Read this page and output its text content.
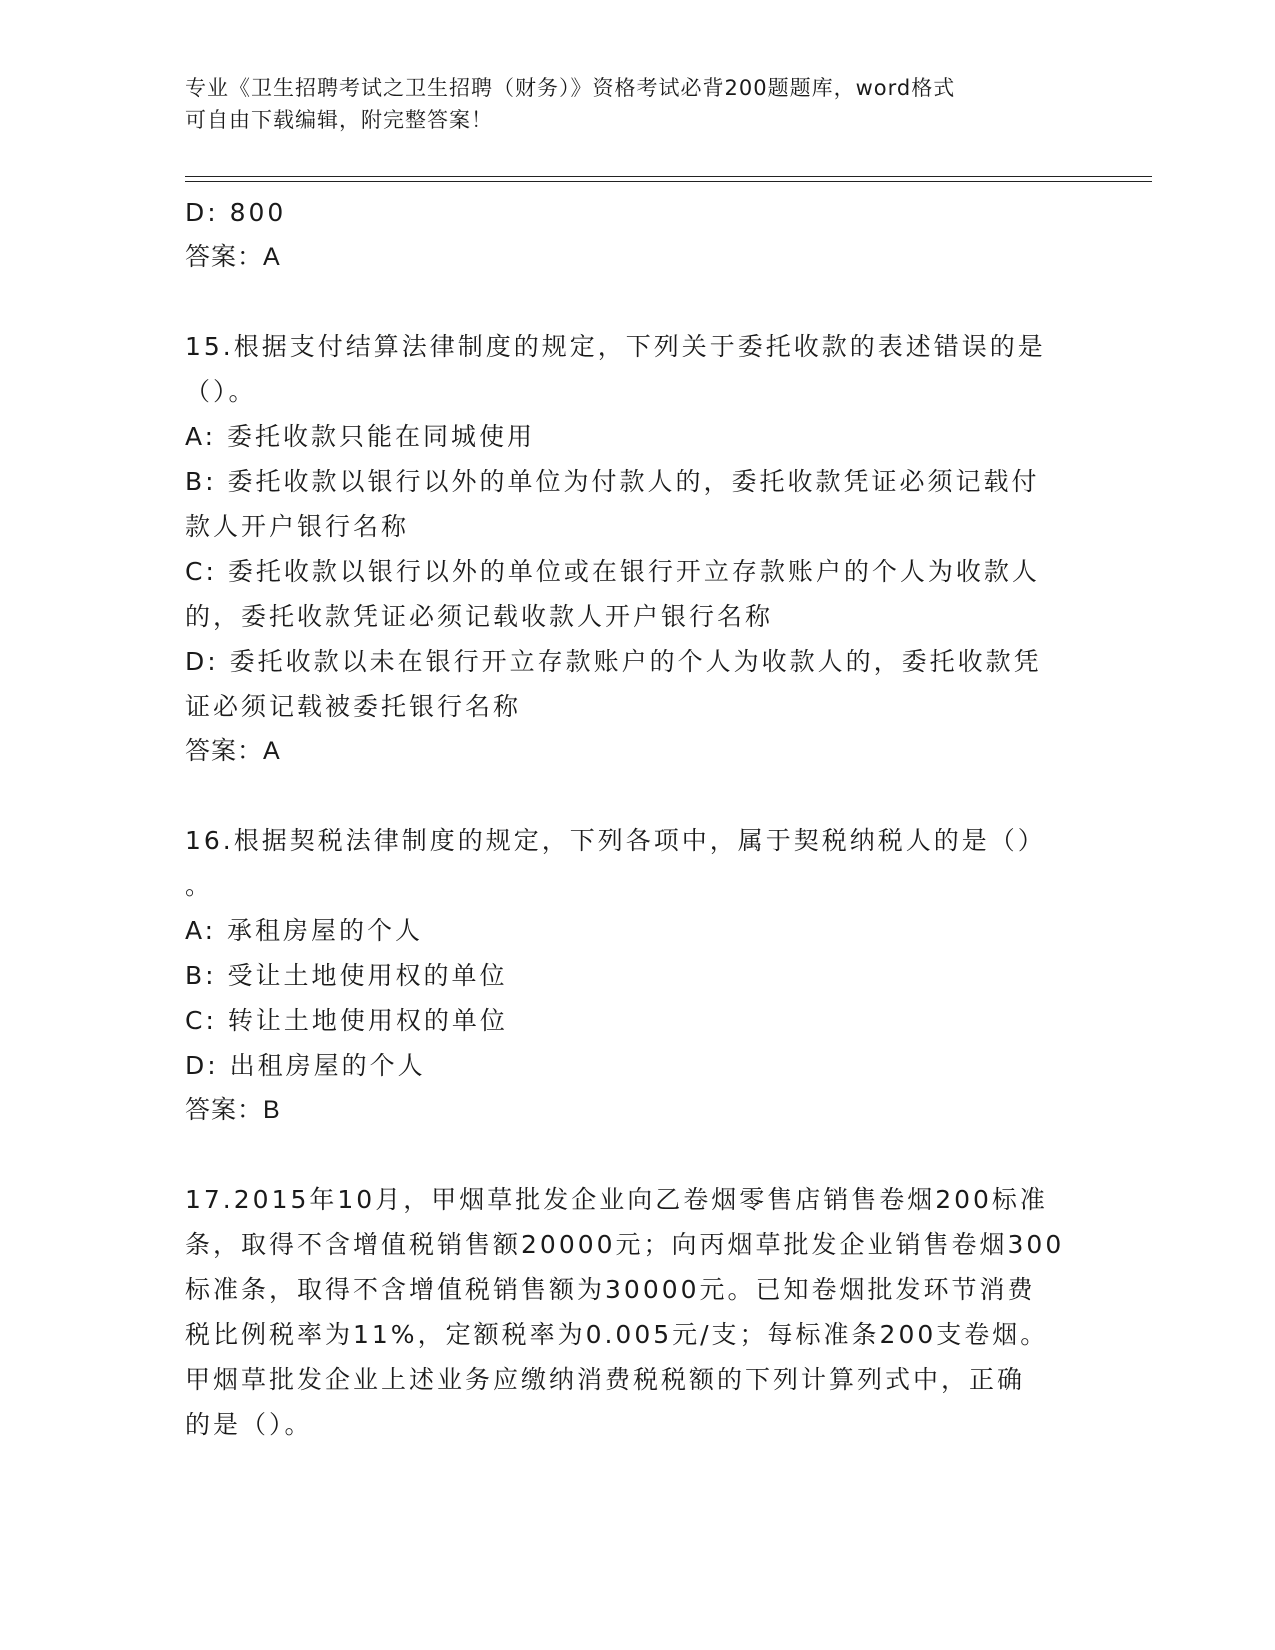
专业《卫生招聘考试之卫生招聘（财务）》资格考试必背200题题库，word格式
可自由下载编辑，附完整答案！
D: 800
答案：A
15.根据支付结算法律制度的规定，下列关于委托收款的表述错误的是
（）。
A: 委托收款只能在同城使用
B: 委托收款以银行以外的单位为付款人的，委托收款凭证必须记载付
款人开户银行名称
C: 委托收款以银行以外的单位或在银行开立存款账户的个人为收款人
的，委托收款凭证必须记载收款人开户银行名称
D: 委托收款以未在银行开立存款账户的个人为收款人的，委托收款凭
证必须记载被委托银行名称
答案：A
16.根据契税法律制度的规定，下列各项中，属于契税纳税人的是（）
。
A: 承租房屋的个人
B: 受让土地使用权的单位
C: 转让土地使用权的单位
D: 出租房屋的个人
答案：B
17.2015年10月，甲烟草批发企业向乙卷烟零售店销售卷烟200标准
条，取得不含增值税销售额20000元；向丙烟草批发企业销售卷烟300
标准条，取得不含增值税销售额为30000元。已知卷烟批发环节消费
税比例税率为11%，定额税率为0.005元/支；每标准条200支卷烟。
甲烟草批发企业上述业务应缴纳消费税税额的下列计算列式中，正确
的是（）。
